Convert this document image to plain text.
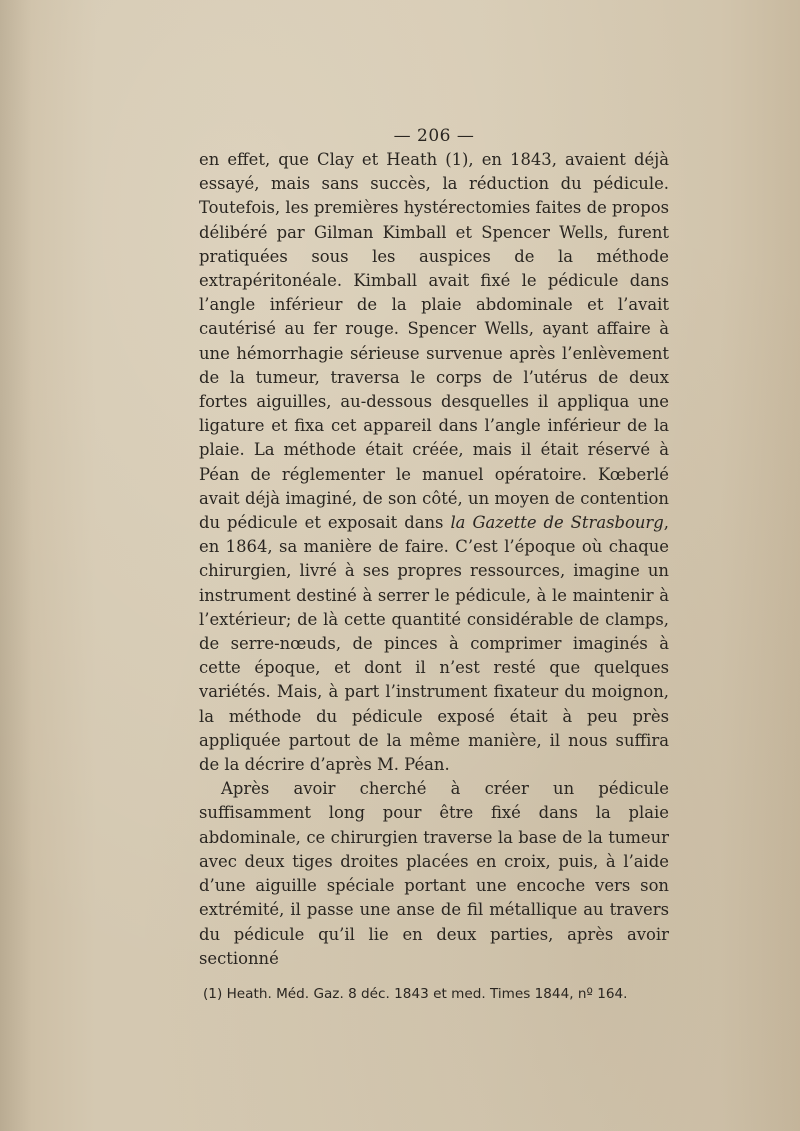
— 206 —

en effet, que Clay et Heath (1), en 1843, avaient déjà essayé, mais sans succès, la réduction du pédicule. Toutefois, les premières hystérectomies faites de propos délibéré par Gilman Kimball et Spencer Wells, furent pratiquées sous les auspices de la méthode extrapéritonéale. Kimball avait fixé le pédicule dans l’angle inférieur de la plaie abdominale et l’avait cautérisé au fer rouge. Spencer Wells, ayant affaire à une hémorrhagie sérieuse survenue après l’enlèvement de la tumeur, traversa le corps de l’utérus de deux fortes aiguilles, au-dessous desquelles il appliqua une ligature et fixa cet appareil dans l’angle inférieur de la plaie. La méthode était créée, mais il était réservé à Péan de réglementer le manuel opératoire. Kœberlé avait déjà imaginé, de son côté, un moyen de contention du pédicule et exposait dans la Gazette de Strasbourg, en 1864, sa manière de faire. C’est l’époque où chaque chirurgien, livré à ses propres ressources, imagine un instrument destiné à serrer le pédicule, à le maintenir à l’extérieur; de là cette quantité considérable de clamps, de serre-nœuds, de pinces à comprimer imaginés à cette époque, et dont il n’est resté que quelques variétés. Mais, à part l’instrument fixateur du moignon, la méthode du pédicule exposé était à peu près appliquée partout de la même manière, il nous suffira de la décrire d’après M. Péan.

Après avoir cherché à créer un pédicule suffisamment long pour être fixé dans la plaie abdominale, ce chirurgien traverse la base de la tumeur avec deux tiges droites placées en croix, puis, à l’aide d’une aiguille spéciale portant une encoche vers son extrémité, il passe une anse de fil métallique au travers du pédicule qu’il lie en deux parties, après avoir sectionné

(1) Heath. Méd. Gaz. 8 déc. 1843 et med. Times 1844, nº 164.
